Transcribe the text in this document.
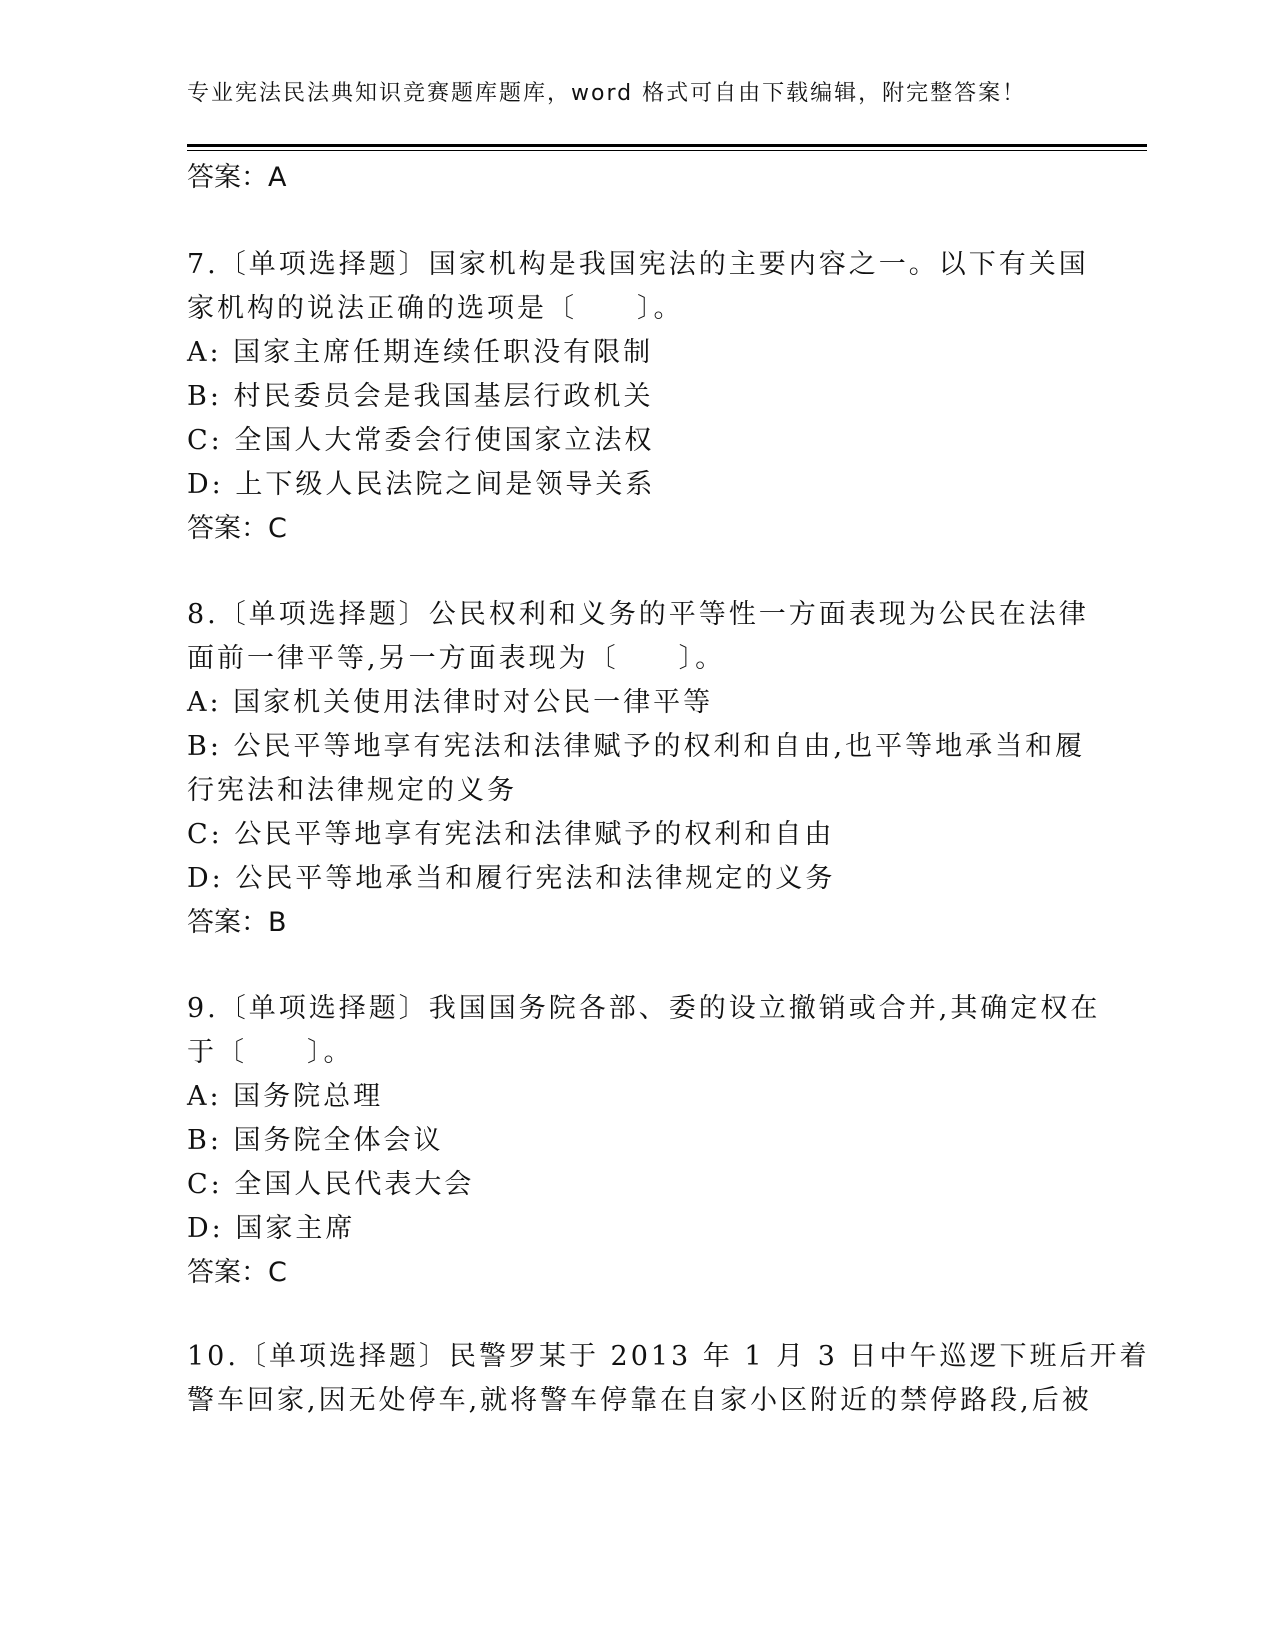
专业宪法民法典知识竞赛题库题库，word 格式可自由下载编辑，附完整答案！
答案：A
7.〔单项选择题〕国家机构是我国宪法的主要内容之一。以下有关国
家机构的说法正确的选项是〔　　〕。
A: 国家主席任期连续任职没有限制
B: 村民委员会是我国基层行政机关
C: 全国人大常委会行使国家立法权
D: 上下级人民法院之间是领导关系
答案：C
8.〔单项选择题〕公民权利和义务的平等性一方面表现为公民在法律
面前一律平等,另一方面表现为〔　　〕。
A: 国家机关使用法律时对公民一律平等
B: 公民平等地享有宪法和法律赋予的权利和自由,也平等地承当和履
行宪法和法律规定的义务
C: 公民平等地享有宪法和法律赋予的权利和自由
D: 公民平等地承当和履行宪法和法律规定的义务
答案：B
9.〔单项选择题〕我国国务院各部、委的设立撤销或合并,其确定权在
于〔　　〕。
A: 国务院总理
B: 国务院全体会议
C: 全国人民代表大会
D: 国家主席
答案：C
10.〔单项选择题〕民警罗某于 2013 年 1 月 3 日中午巡逻下班后开着
警车回家,因无处停车,就将警车停靠在自家小区附近的禁停路段,后被
